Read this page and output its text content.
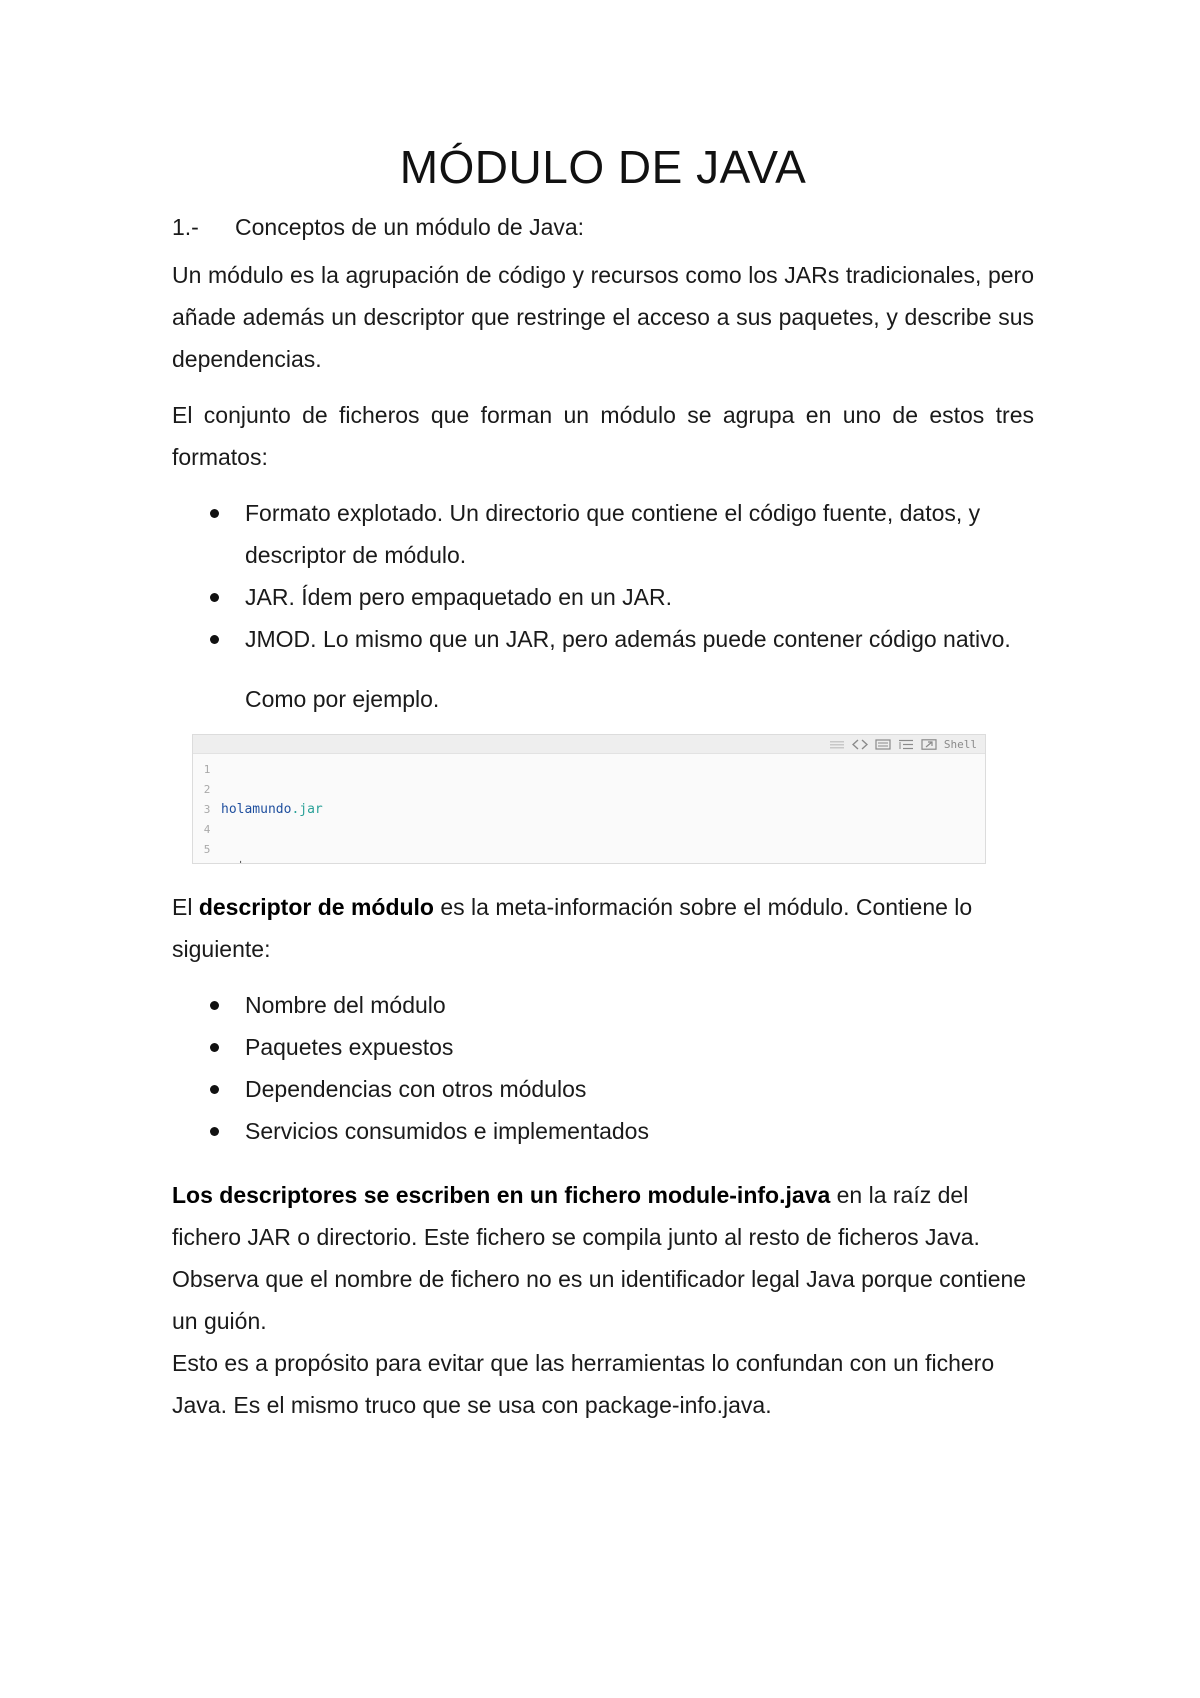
MÓDULO DE JAVA
1.- Conceptos de un módulo de Java:

Un módulo es la agrupación de código y recursos como los JARs tradicionales, pero añade además un descriptor que restringe el acceso a sus paquetes, y describe sus dependencias.

El conjunto de ficheros que forman un módulo se agrupa en uno de estos tres formatos:

Formato explotado. Un directorio que contiene el código fuente, datos, y descriptor de módulo.
JAR. Ídem pero empaquetado en un JAR.
JMOD. Lo mismo que un JAR, pero además puede contener código nativo.

Como por ejemplo.

Shell
1
2
3
4
5

holamundo.jar

El descriptor de módulo es la meta-información sobre el módulo. Contiene lo siguiente:

Nombre del módulo
Paquetes expuestos
Dependencias con otros módulos
Servicios consumidos e implementados

Los descriptores se escriben en un fichero module-info.java en la raíz del fichero JAR o directorio. Este fichero se compila junto al resto de ficheros Java. Observa que el nombre de fichero no es un identificador legal Java porque contiene un guión.

Esto es a propósito para evitar que las herramientas lo confundan con un fichero Java. Es el mismo truco que se usa con package-info.java.
